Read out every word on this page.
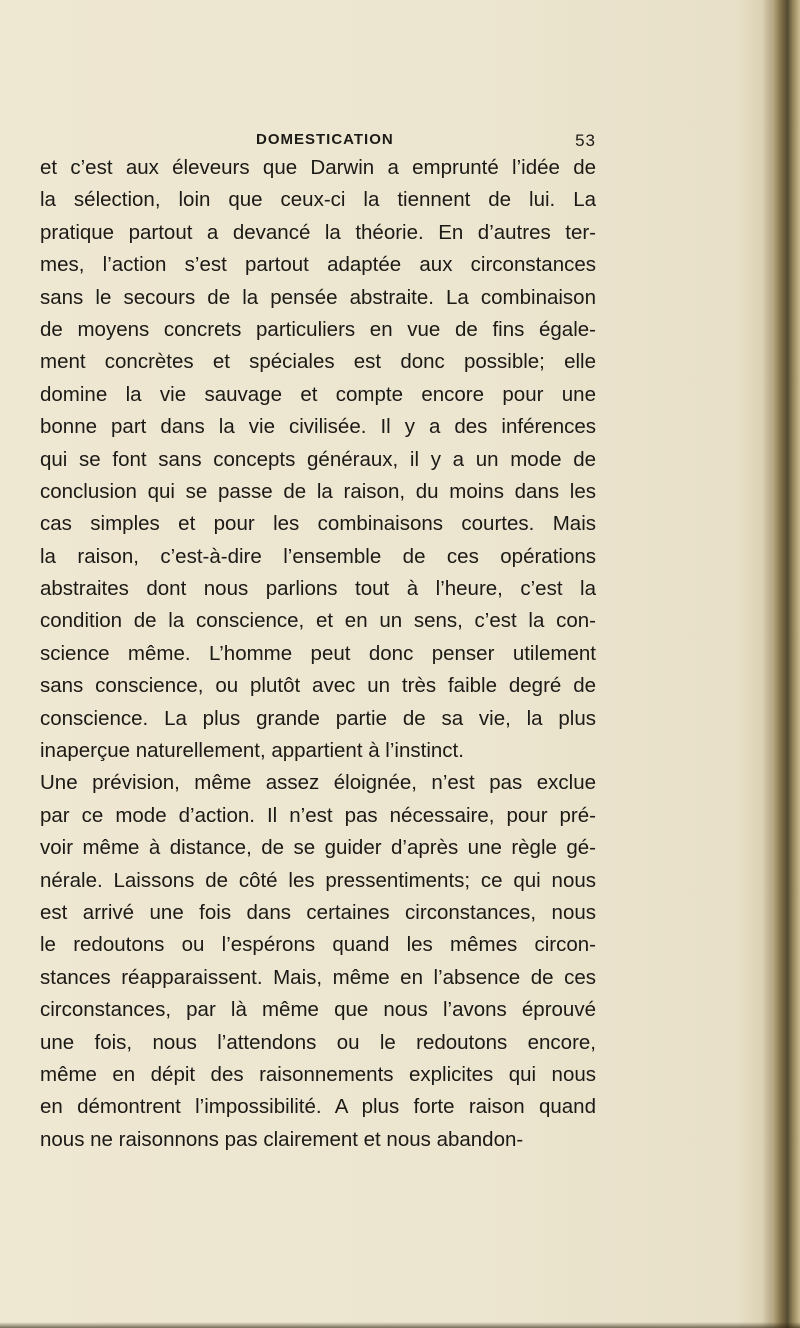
DOMESTICATION	53
et c’est aux éleveurs que Darwin a emprunté l’idée de
la sélection, loin que ceux-ci la tiennent de lui. La
pratique partout a devancé la théorie. En d’autres ter-
mes, l’action s’est partout adaptée aux circonstances
sans le secours de la pensée abstraite. La combinaison
de moyens concrets particuliers en vue de fins égale-
ment concrètes et spéciales est donc possible; elle
domine la vie sauvage et compte encore pour une
bonne part dans la vie civilisée. Il y a des inférences
qui se font sans concepts généraux, il y a un mode de
conclusion qui se passe de la raison, du moins dans les
cas simples et pour les combinaisons courtes. Mais
la raison, c’est-à-dire l’ensemble de ces opérations
abstraites dont nous parlions tout à l’heure, c’est la
condition de la conscience, et en un sens, c’est la con-
science même. L’homme peut donc penser utilement
sans conscience, ou plutôt avec un très faible degré de
conscience. La plus grande partie de sa vie, la plus
inaperçue naturellement, appartient à l’instinct.
Une prévision, même assez éloignée, n’est pas exclue
par ce mode d’action. Il n’est pas nécessaire, pour pré-
voir même à distance, de se guider d’après une règle gé-
nérale. Laissons de côté les pressentiments; ce qui nous
est arrivé une fois dans certaines circonstances, nous
le redoutons ou l’espérons quand les mêmes circon-
stances réapparaissent. Mais, même en l’absence de ces
circonstances, par là même que nous l’avons éprouvé
une fois, nous l’attendons ou le redoutons encore,
même en dépit des raisonnements explicites qui nous
en démontrent l’impossibilité. A plus forte raison quand
nous ne raisonnons pas clairement et nous abandon-
